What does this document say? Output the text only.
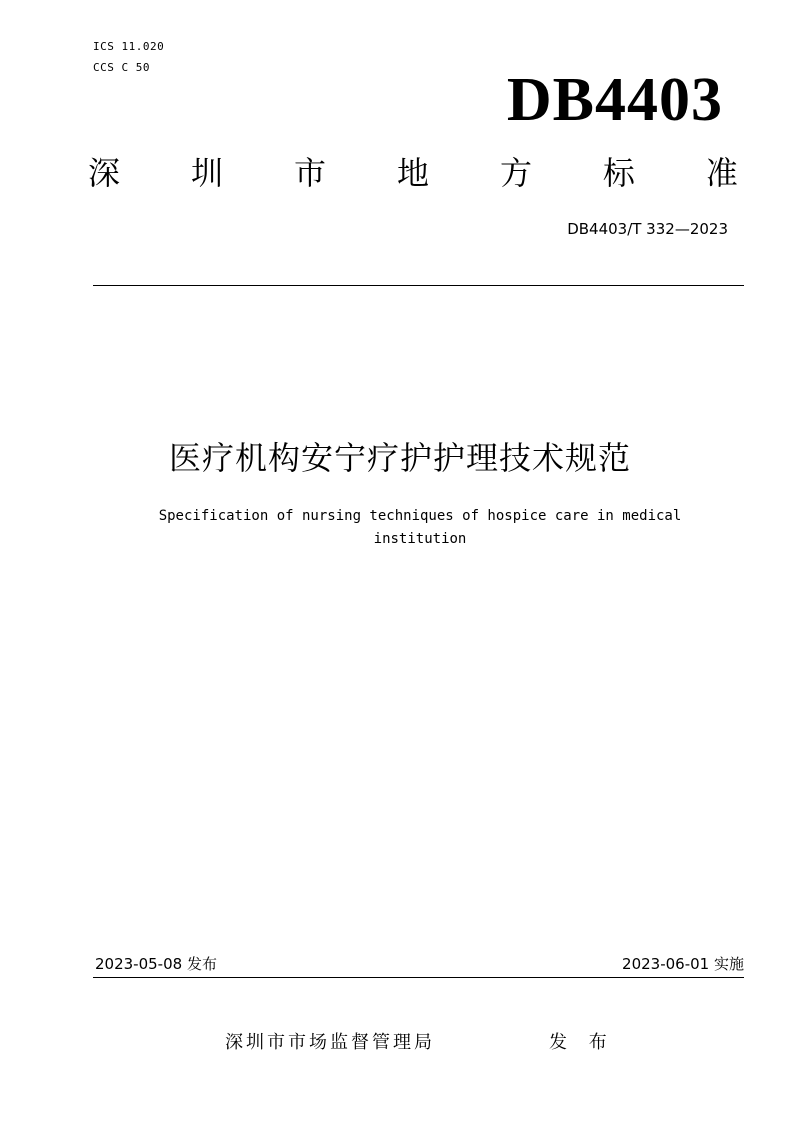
ICS 11.020
CCS C 50	DB4403
深 圳 市 地 方 标 准
DB4403/T 332—2023
医疗机构安宁疗护护理技术规范
Specification of nursing techniques of hospice care in medical institution
2023-05-08 发布	2023-06-01 实施
深圳市市场监督管理局	发 布
